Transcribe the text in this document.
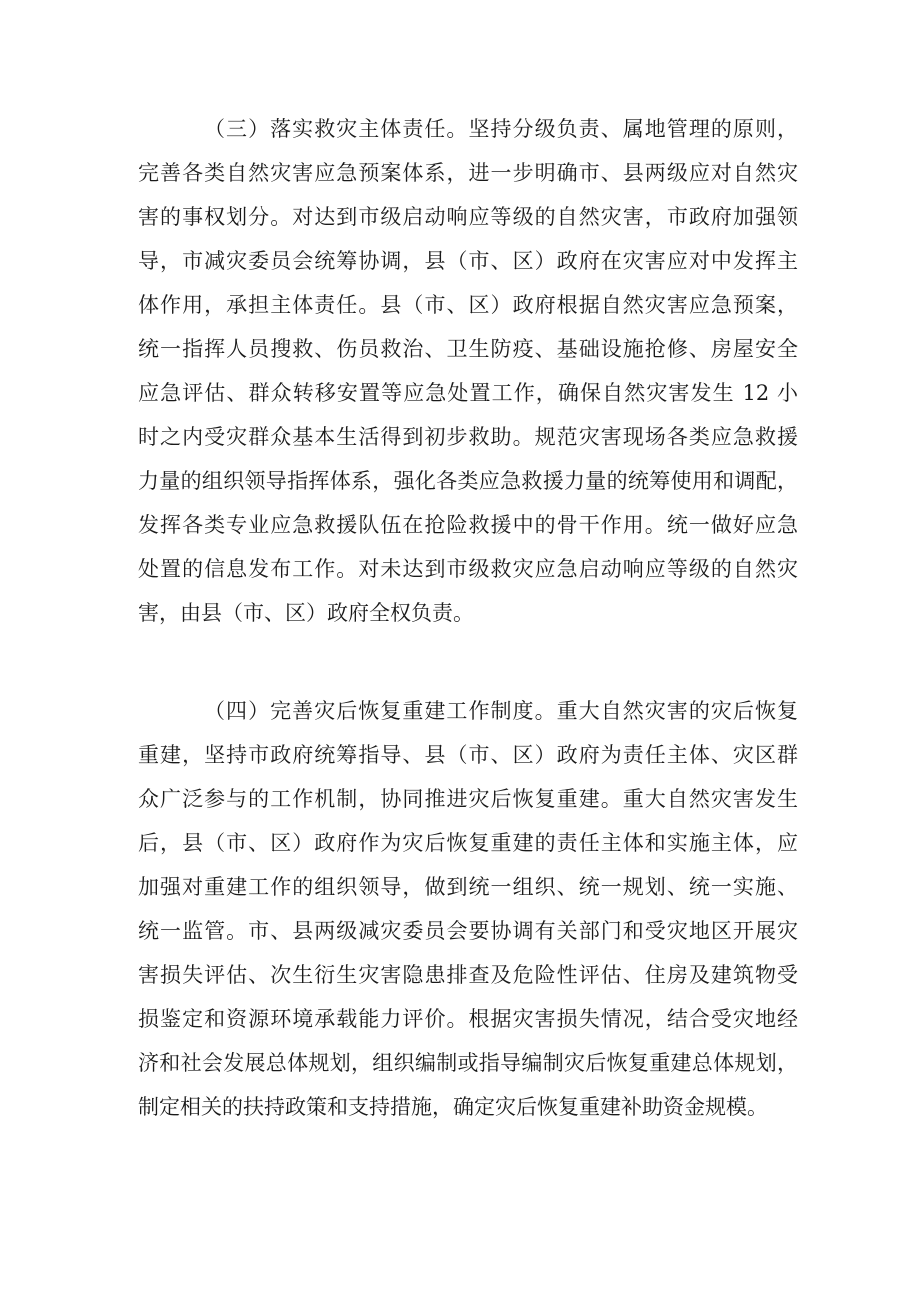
（三）落实救灾主体责任。坚持分级负责、属地管理的原则，
完善各类自然灾害应急预案体系，进一步明确市、县两级应对自然灾
害的事权划分。对达到市级启动响应等级的自然灾害，市政府加强领
导，市减灾委员会统筹协调，县（市、区）政府在灾害应对中发挥主
体作用，承担主体责任。县（市、区）政府根据自然灾害应急预案，
统一指挥人员搜救、伤员救治、卫生防疫、基础设施抢修、房屋安全
应急评估、群众转移安置等应急处置工作，确保自然灾害发生 12 小
时之内受灾群众基本生活得到初步救助。规范灾害现场各类应急救援
力量的组织领导指挥体系，强化各类应急救援力量的统筹使用和调配，
发挥各类专业应急救援队伍在抢险救援中的骨干作用。统一做好应急
处置的信息发布工作。对未达到市级救灾应急启动响应等级的自然灾
害，由县（市、区）政府全权负责。
（四）完善灾后恢复重建工作制度。重大自然灾害的灾后恢复
重建，坚持市政府统筹指导、县（市、区）政府为责任主体、灾区群
众广泛参与的工作机制，协同推进灾后恢复重建。重大自然灾害发生
后，县（市、区）政府作为灾后恢复重建的责任主体和实施主体，应
加强对重建工作的组织领导，做到统一组织、统一规划、统一实施、
统一监管。市、县两级减灾委员会要协调有关部门和受灾地区开展灾
害损失评估、次生衍生灾害隐患排查及危险性评估、住房及建筑物受
损鉴定和资源环境承载能力评价。根据灾害损失情况，结合受灾地经
济和社会发展总体规划，组织编制或指导编制灾后恢复重建总体规划，
制定相关的扶持政策和支持措施，确定灾后恢复重建补助资金规模。
